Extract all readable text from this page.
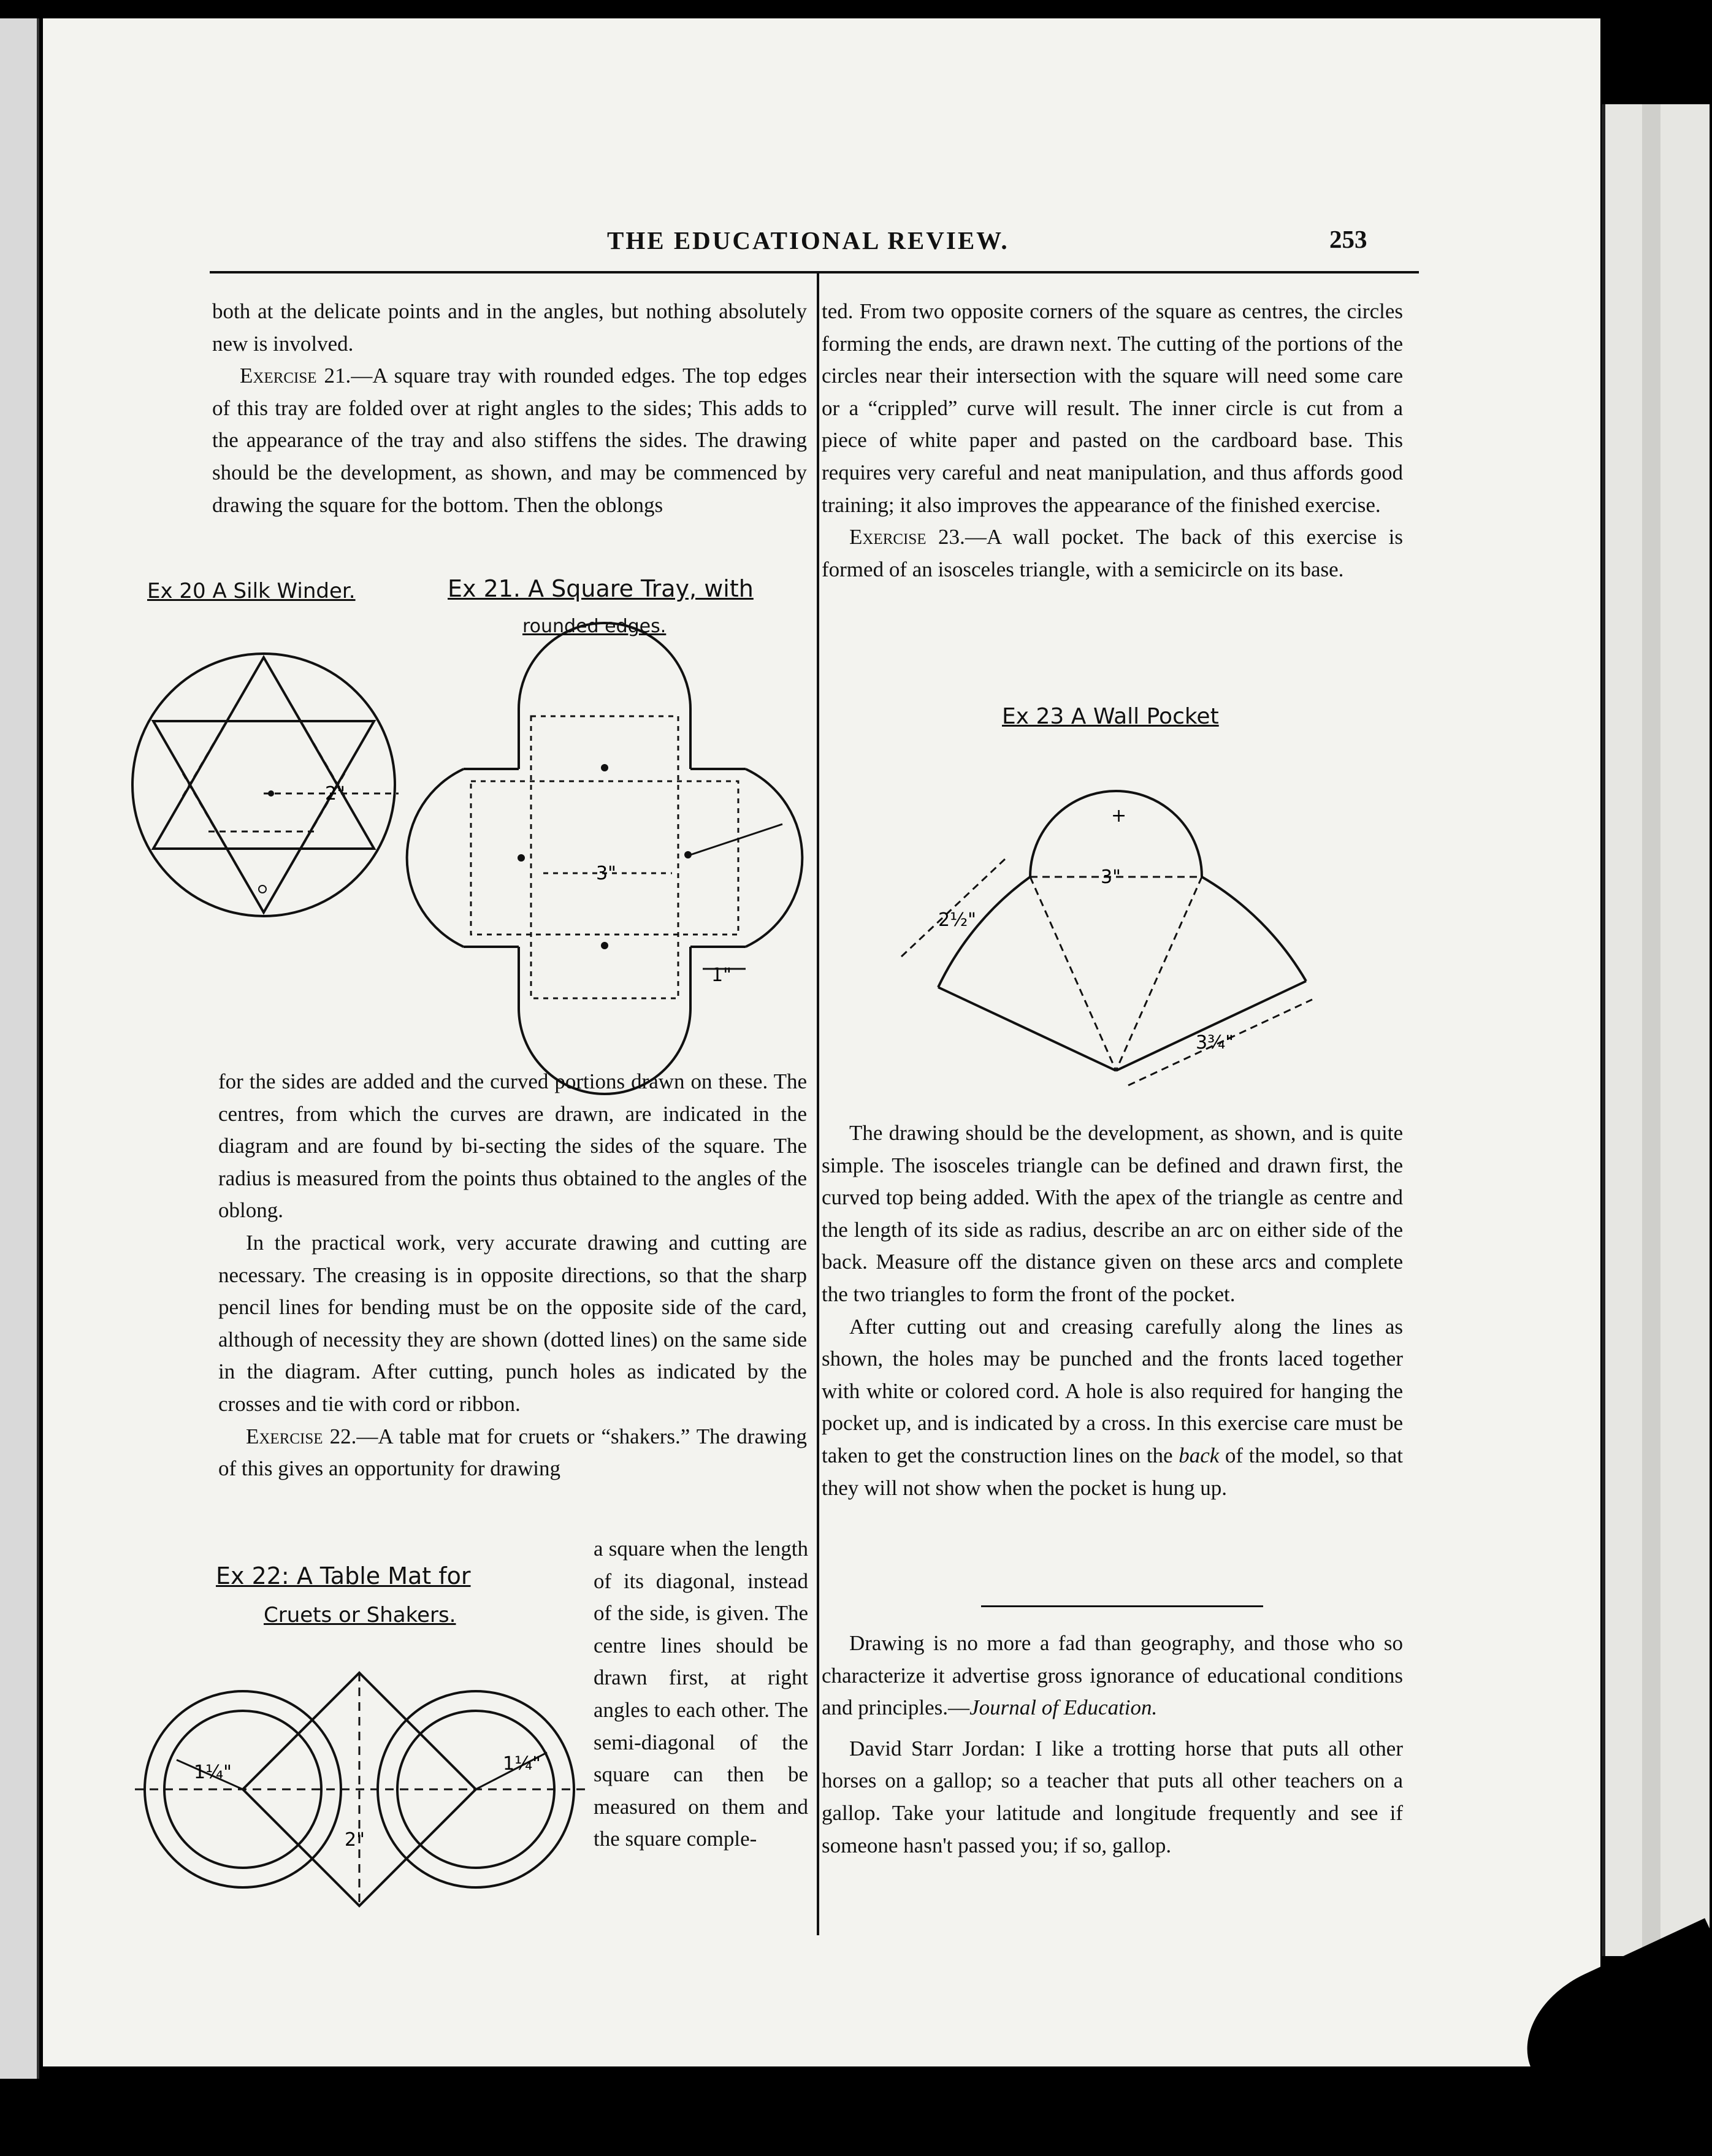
THE EDUCATIONAL REVIEW.	253

both at the delicate points and in the angles, but nothing absolutely new is involved.

Exercise 21.—A square tray with rounded edges. The top edges of this tray are folded over at right angles to the sides; This adds to the appearance of the tray and also stiffens the sides. The drawing should be the development, as shown, and may be commenced by drawing the square for the bottom. Then the oblongs

Ex 20 A Silk Winder.	Ex 21. A Square Tray, with
rounded edges.
2"
3"
1"

for the sides are added and the curved portions drawn on these. The centres, from which the curves are drawn, are indicated in the diagram and are found by bi-secting the sides of the square. The radius is measured from the points thus obtained to the angles of the oblong.

In the practical work, very accurate drawing and cutting are necessary. The creasing is in opposite directions, so that the sharp pencil lines for bending must be on the opposite side of the card, although of necessity they are shown (dotted lines) on the same side in the diagram. After cutting, punch holes as indicated by the crosses and tie with cord or ribbon.

Exercise 22.—A table mat for cruets or “shakers.” The drawing of this gives an opportunity for drawing

Ex 22: A Table Mat for
Cruets or Shakers.
1¼"	1¼"
2"
a square when the length of its diagonal, instead of the side, is given. The centre lines should be drawn first, at right angles to each other. The semi-diagonal of the square can then be measured on them and the square comple-

ted. From two opposite corners of the square as centres, the circles forming the ends, are drawn next. The cutting of the portions of the circles near their intersection with the square will need some care or a “crippled” curve will result. The inner circle is cut from a piece of white paper and pasted on the cardboard base. This requires very careful and neat manipulation, and thus affords good training; it also improves the appearance of the finished exercise.

Exercise 23.—A wall pocket. The back of this exercise is formed of an isosceles triangle, with a semicircle on its base.

Ex 23 A Wall Pocket
3"
2½"
3¾"
+

The drawing should be the development, as shown, and is quite simple. The isosceles triangle can be defined and drawn first, the curved top being added. With the apex of the triangle as centre and the length of its side as radius, describe an arc on either side of the back. Measure off the distance given on these arcs and complete the two triangles to form the front of the pocket.

After cutting out and creasing carefully along the lines as shown, the holes may be punched and the fronts laced together with white or colored cord. A hole is also required for hanging the pocket up, and is indicated by a cross. In this exercise care must be taken to get the construction lines on the back of the model, so that they will not show when the pocket is hung up.

Drawing is no more a fad than geography, and those who so characterize it advertise gross ignorance of educational conditions and principles.—Journal of Education.

David Starr Jordan: I like a trotting horse that puts all other horses on a gallop; so a teacher that puts all other teachers on a gallop. Take your latitude and longitude frequently and see if someone hasn't passed you; if so, gallop.
